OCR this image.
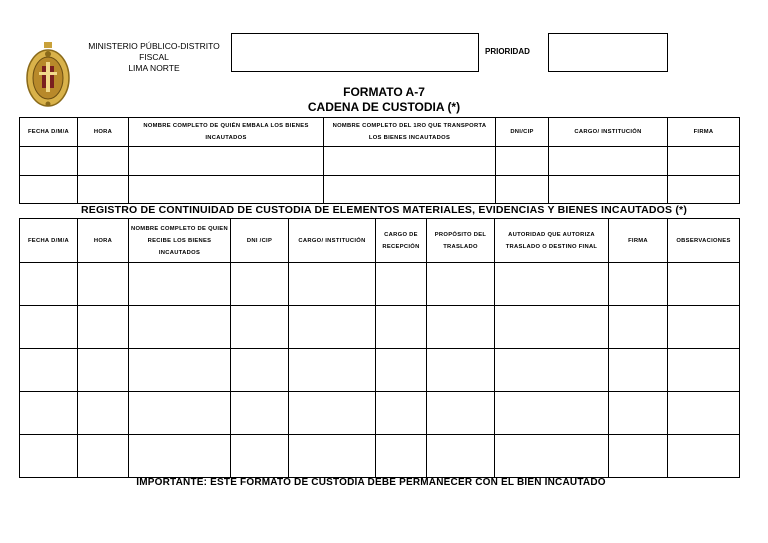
MINISTERIO PÚBLICO-DISTRITO FISCAL
LIMA NORTE
PRIORIDAD
FORMATO A-7
CADENA DE CUSTODIA (*)
FECHA D/M/A	HORA	NOMBRE COMPLETO DE QUIÉN EMBALA LOS BIENES INCAUTADOS	NOMBRE COMPLETO DEL 1RO QUE TRANSPORTA LOS BIENES INCAUTADOS	DNI/CIP	CARGO/ INSTITUCIÓN	FIRMA

REGISTRO DE CONTINUIDAD DE CUSTODIA DE ELEMENTOS MATERIALES, EVIDENCIAS Y BIENES INCAUTADOS (*)
FECHA D/M/A	HORA	NOMBRE COMPLETO DE QUIEN RECIBE LOS BIENES INCAUTADOS	DNI /CIP	CARGO/ INSTITUCIÓN	CARGO DE RECEPCIÓN	PROPÓSITO DEL TRASLADO	AUTORIDAD QUE AUTORIZA TRASLADO O DESTINO FINAL	FIRMA	OBSERVACIONES

IMPORTANTE: ESTE FORMATO DE CUSTODIA DEBE PERMANECER CON EL BIEN INCAUTADO
